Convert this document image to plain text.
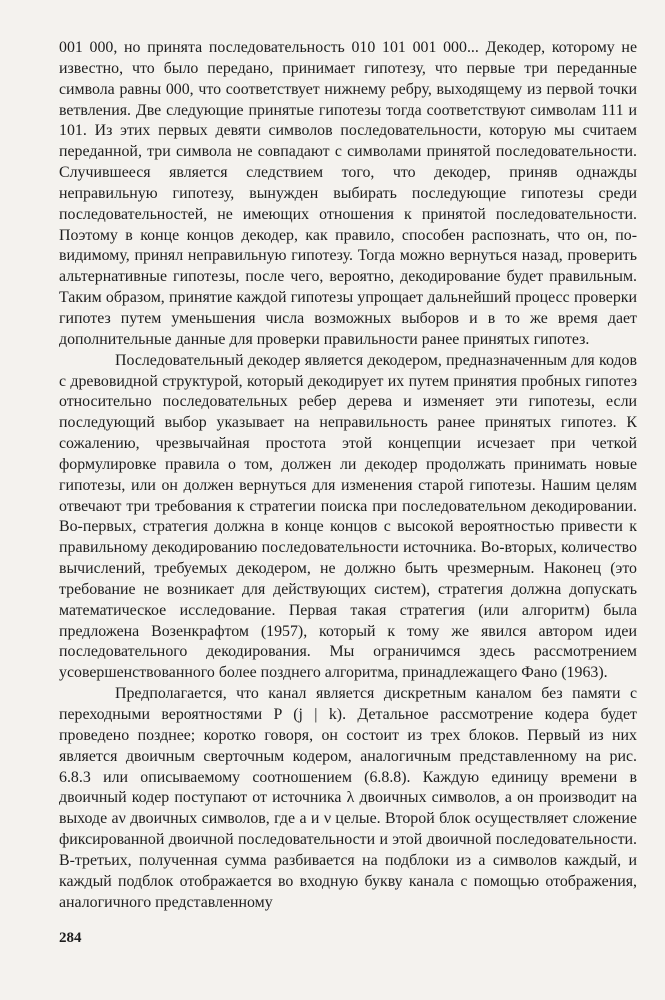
001 000, но принята последовательность 010 101 001 000... Декодер, которому не известно, что было передано, принимает гипотезу, что первые три переданные символа равны 000, что соответствует нижнему ребру, выходящему из первой точки ветвления. Две следующие принятые гипотезы тогда соответствуют символам 111 и 101. Из этих первых девяти символов последовательности, которую мы считаем переданной, три символа не совпадают с символами принятой последовательности. Случившееся является следствием того, что декодер, приняв однажды неправильную гипотезу, вынужден выбирать последующие гипотезы среди последовательностей, не имеющих отношения к принятой последовательности. Поэтому в конце концов декодер, как правило, способен распознать, что он, по-видимому, принял неправильную гипотезу. Тогда можно вернуться назад, проверить альтернативные гипотезы, после чего, вероятно, декодирование будет правильным. Таким образом, принятие каждой гипотезы упрощает дальнейший процесс проверки гипотез путем уменьшения числа возможных выборов и в то же время дает дополнительные данные для проверки правильности ранее принятых гипотез.

Последовательный декодер является декодером, предназначенным для кодов с древовидной структурой, который декодирует их путем принятия пробных гипотез относительно последовательных ребер дерева и изменяет эти гипотезы, если последующий выбор указывает на неправильность ранее принятых гипотез. К сожалению, чрезвычайная простота этой концепции исчезает при четкой формулировке правила о том, должен ли декодер продолжать принимать новые гипотезы, или он должен вернуться для изменения старой гипотезы. Нашим целям отвечают три требования к стратегии поиска при последовательном декодировании. Во-первых, стратегия должна в конце концов с высокой вероятностью привести к правильному декодированию последовательности источника. Во-вторых, количество вычислений, требуемых декодером, не должно быть чрезмерным. Наконец (это требование не возникает для действующих систем), стратегия должна допускать математическое исследование. Первая такая стратегия (или алгоритм) была предложена Возенкрафтом (1957), который к тому же явился автором идеи последовательного декодирования. Мы ограничимся здесь рассмотрением усовершенствованного более позднего алгоритма, принадлежащего Фано (1963).

Предполагается, что канал является дискретным каналом без памяти с переходными вероятностями P (j | k). Детальное рассмотрение кодера будет проведено позднее; коротко говоря, он состоит из трех блоков. Первый из них является двоичным сверточным кодером, аналогичным представленному на рис. 6.8.3 или описываемому соотношением (6.8.8). Каждую единицу времени в двоичный кодер поступают от источника λ двоичных символов, а он производит на выходе aν двоичных символов, где a и ν целые. Второй блок осуществляет сложение фиксированной двоичной последовательности и этой двоичной последовательности. В-третьих, полученная сумма разбивается на подблоки из a символов каждый, и каждый подблок отображается во входную букву канала с помощью отображения, аналогичного представленному

284
